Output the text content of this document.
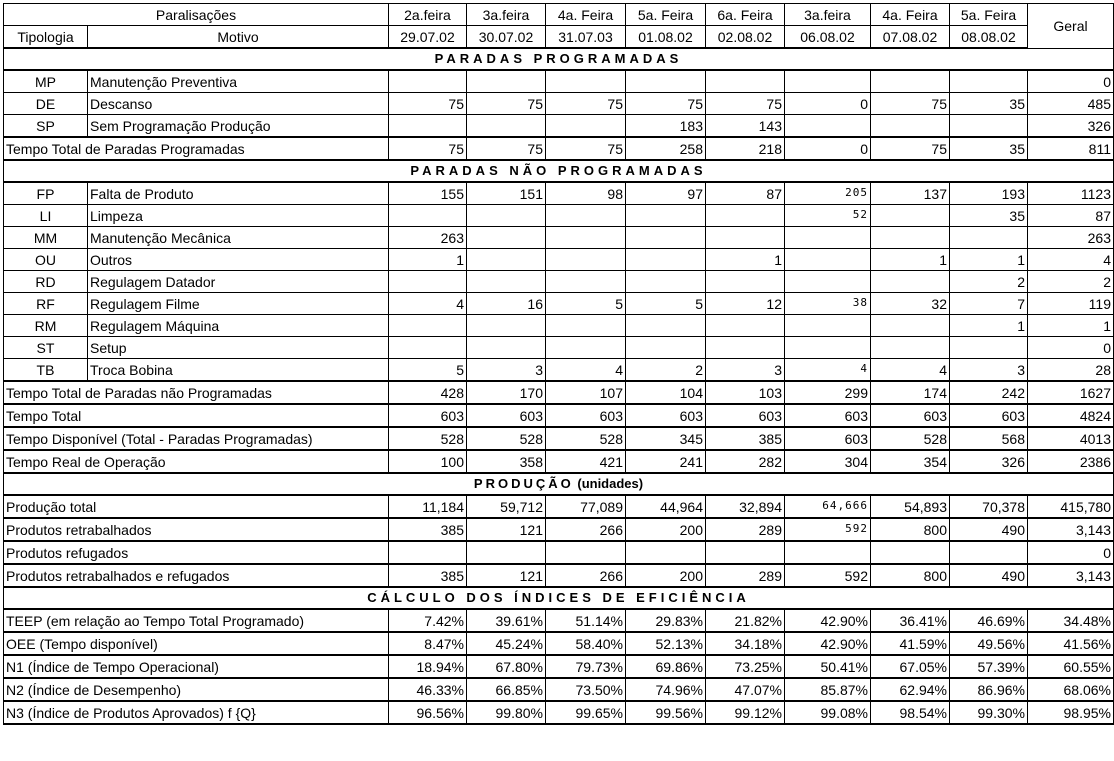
Paralisações		2a.feira	3a.feira	4a. Feira	5a. Feira	6a. Feira	3a.feira	4a. Feira	5a. Feira	Geral
Tipologia	Motivo	29.07.02	30.07.02	31.07.03	01.08.02	02.08.02	06.08.02	07.08.02	08.08.02	
PARADAS PROGRAMADAS										
MP	Manutenção Preventiva									0
DE	Descanso	75	75	75	75	75	0	75	35	485
SP	Sem Programação Produção				183	143				326
Tempo Total de Paradas Programadas		75	75	75	258	218	0	75	35	811
PARADAS NÃO PROGRAMADAS										
FP	Falta de Produto	155	151	98	97	87	205	137	193	1123
LI	Limpeza						52		35	87
MM	Manutenção Mecânica	263								263
OU	Outros	1				1		1	1	4
RD	Regulagem Datador								2	2
RF	Regulagem Filme	4	16	5	5	12	38	32	7	119
RM	Regulagem Máquina								1	1
ST	Setup									0
TB	Troca Bobina	5	3	4	2	3	4	4	3	28
Tempo Total de Paradas não Programadas		428	170	107	104	103	299	174	242	1627
Tempo Total		603	603	603	603	603	603	603	603	4824
Tempo Disponível (Total - Paradas Programadas)		528	528	528	345	385	603	528	568	4013
Tempo Real de Operação		100	358	421	241	282	304	354	326	2386
PRODUÇÃO (unidades)										
Produção total		11,184	59,712	77,089	44,964	32,894	64,666	54,893	70,378	415,780
Produtos retrabalhados		385	121	266	200	289	592	800	490	3,143
Produtos refugados										0
Produtos retrabalhados e refugados		385	121	266	200	289	592	800	490	3,143
CÁLCULO DOS ÍNDICES DE EFICIÊNCIA										
TEEP (em relação ao Tempo Total Programado)		7.42%	39.61%	51.14%	29.83%	21.82%	42.90%	36.41%	46.69%	34.48%
OEE (Tempo disponível)		8.47%	45.24%	58.40%	52.13%	34.18%	42.90%	41.59%	49.56%	41.56%
N1 (Índice de Tempo Operacional)		18.94%	67.80%	79.73%	69.86%	73.25%	50.41%	67.05%	57.39%	60.55%
N2 (Índice de Desempenho)		46.33%	66.85%	73.50%	74.96%	47.07%	85.87%	62.94%	86.96%	68.06%
N3 (Índice de Produtos Aprovados) f {Q}		96.56%	99.80%	99.65%	99.56%	99.12%	99.08%	98.54%	99.30%	98.95%
